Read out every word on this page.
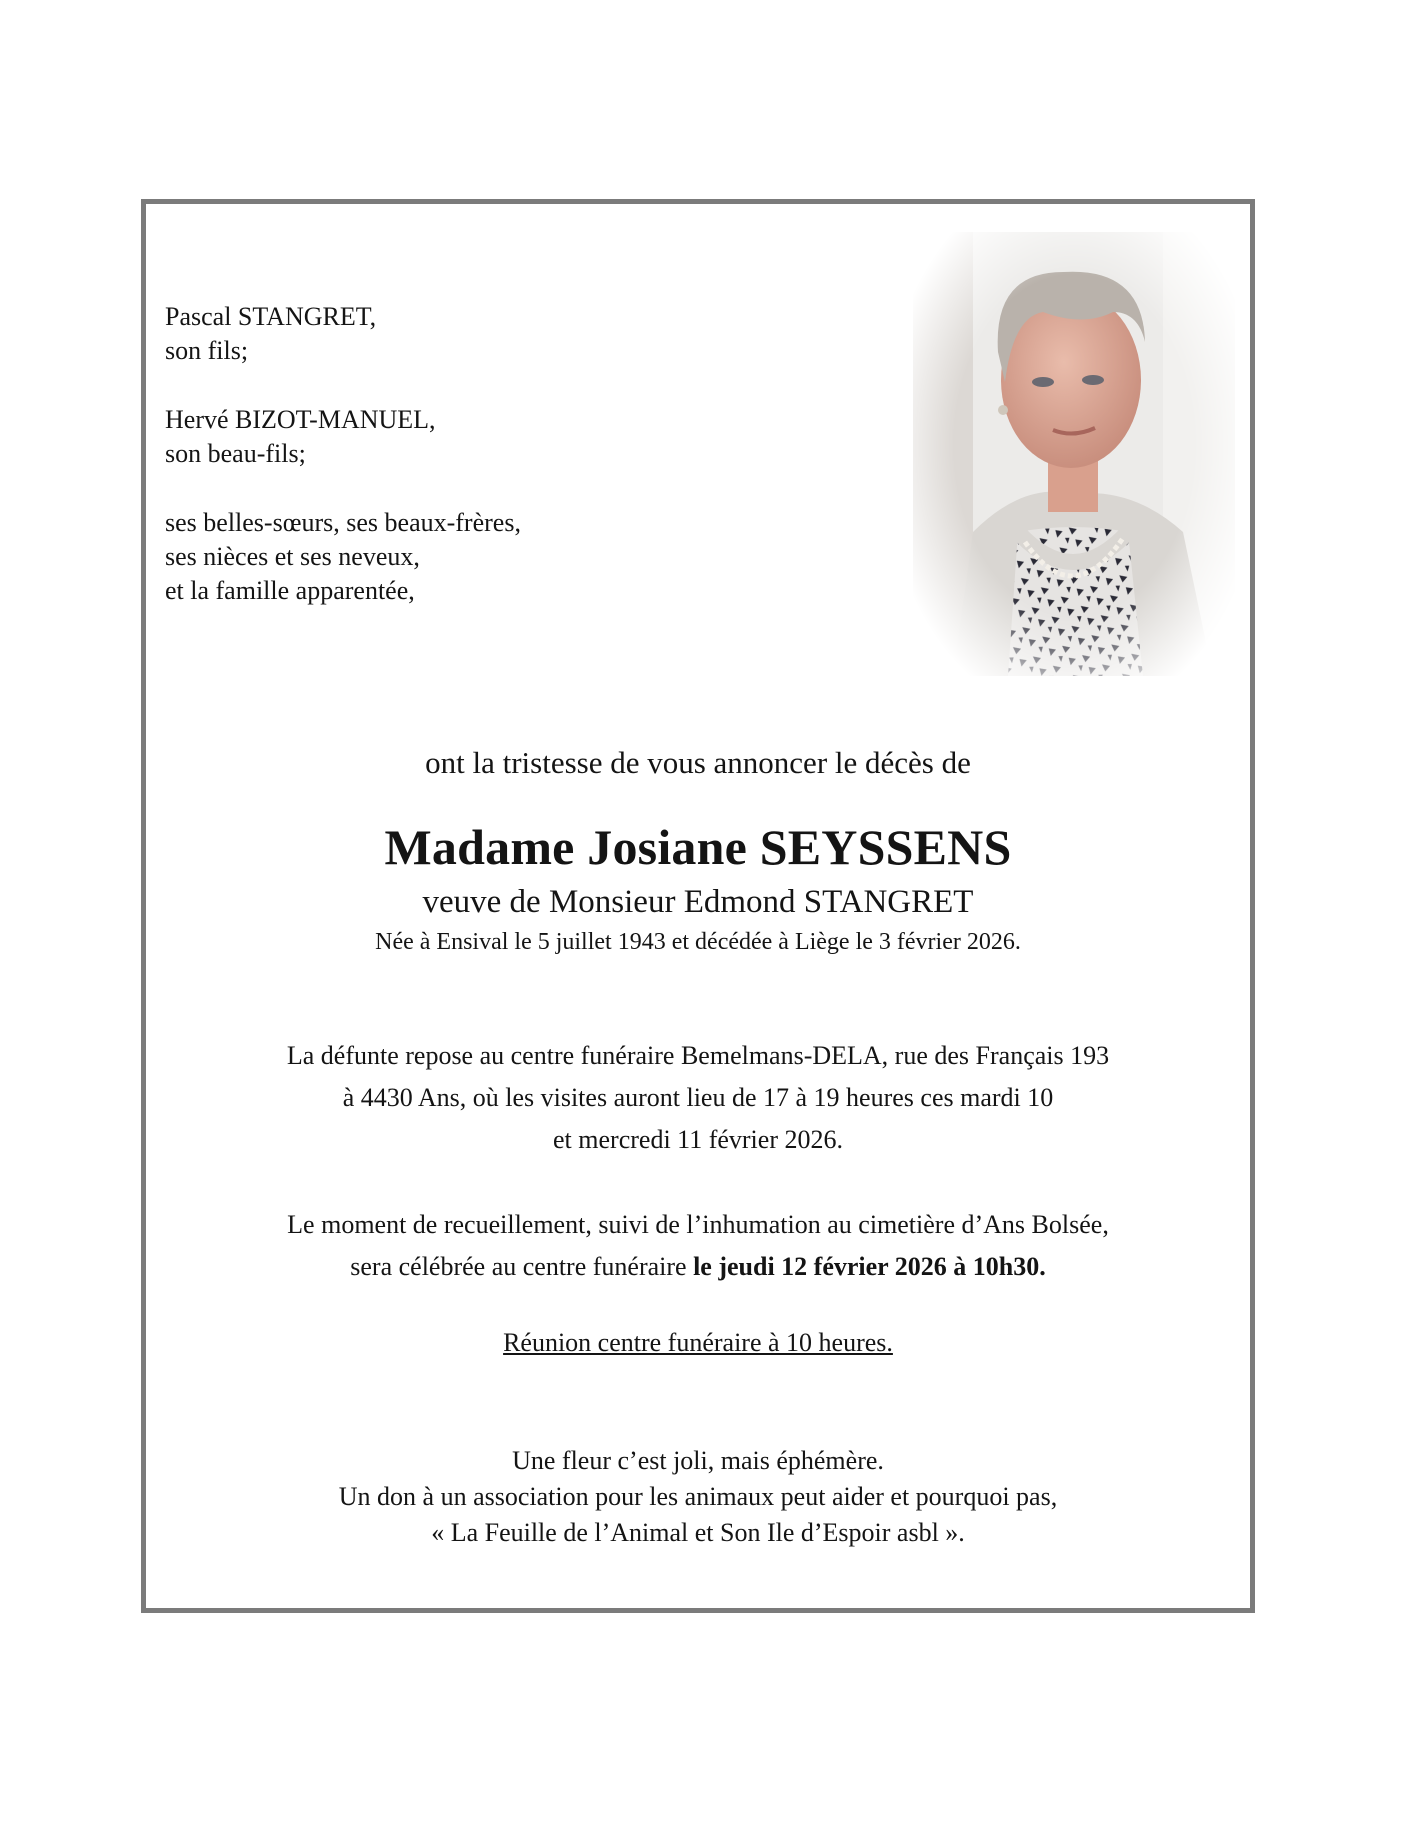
Pascal STANGRET,
son fils;
Hervé BIZOT-MANUEL,
son beau-fils;
ses belles-sœurs, ses beaux-frères,
ses nièces et ses neveux,
et la famille apparentée,
ont la tristesse de vous annoncer le décès de
Madame Josiane SEYSSENS
veuve de Monsieur Edmond STANGRET
Née à Ensival le 5 juillet 1943 et décédée à Liège le 3 février 2026.
La défunte repose au centre funéraire Bemelmans-DELA, rue des Français 193
à 4430 Ans, où les visites auront lieu de 17 à 19 heures ces mardi 10
et mercredi 11 février 2026.
Le moment de recueillement, suivi de l’inhumation au cimetière d’Ans Bolsée,
sera célébrée au centre funéraire le jeudi 12 février 2026 à 10h30.
Réunion centre funéraire à 10 heures.
Une fleur c’est joli, mais éphémère.
Un don à un association pour les animaux peut aider et pourquoi pas,
« La Feuille de l’Animal et Son Ile d’Espoir asbl ».
